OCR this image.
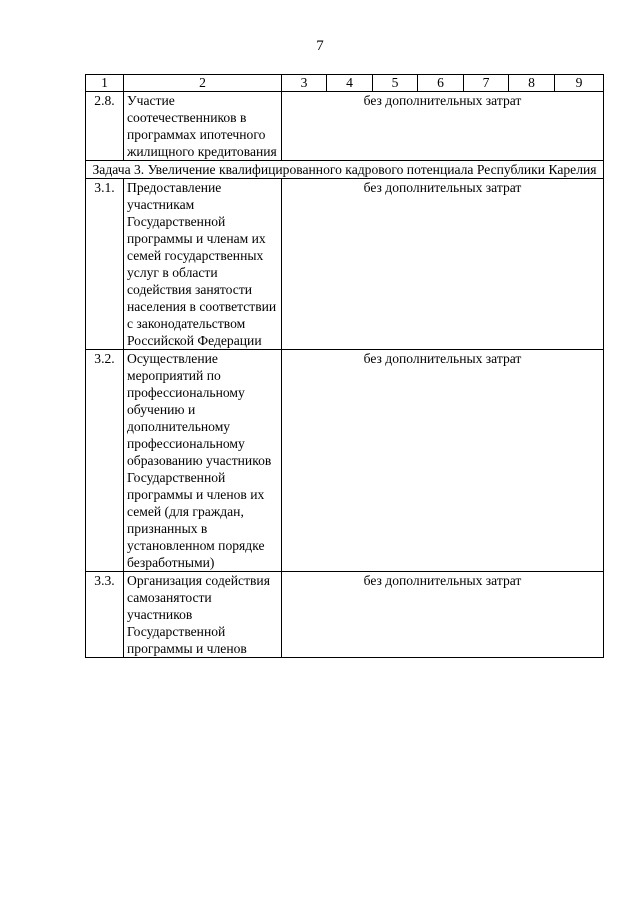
7
1	2	3	4	5	6	7	8	9
2.8.	Участие соотечественников в программах ипотечного жилищного кредитования	без дополнительных затрат						
Задача 3. Увеличение квалифицированного кадрового потенциала Республики Карелия								
3.1.	Предоставление участникам Государственной программы и членам их семей государственных услуг в области содействия занятости населения в соответствии с законодательством Российской Федерации	без дополнительных затрат						
3.2.	Осуществление мероприятий по профессиональному обучению и дополнительному профессиональному образованию участников Государственной программы и членов их семей (для граждан, признанных в установленном порядке безработными)	без дополнительных затрат						
3.3.	Организация содействия самозанятости участников Государственной программы и членов	без дополнительных затрат						
